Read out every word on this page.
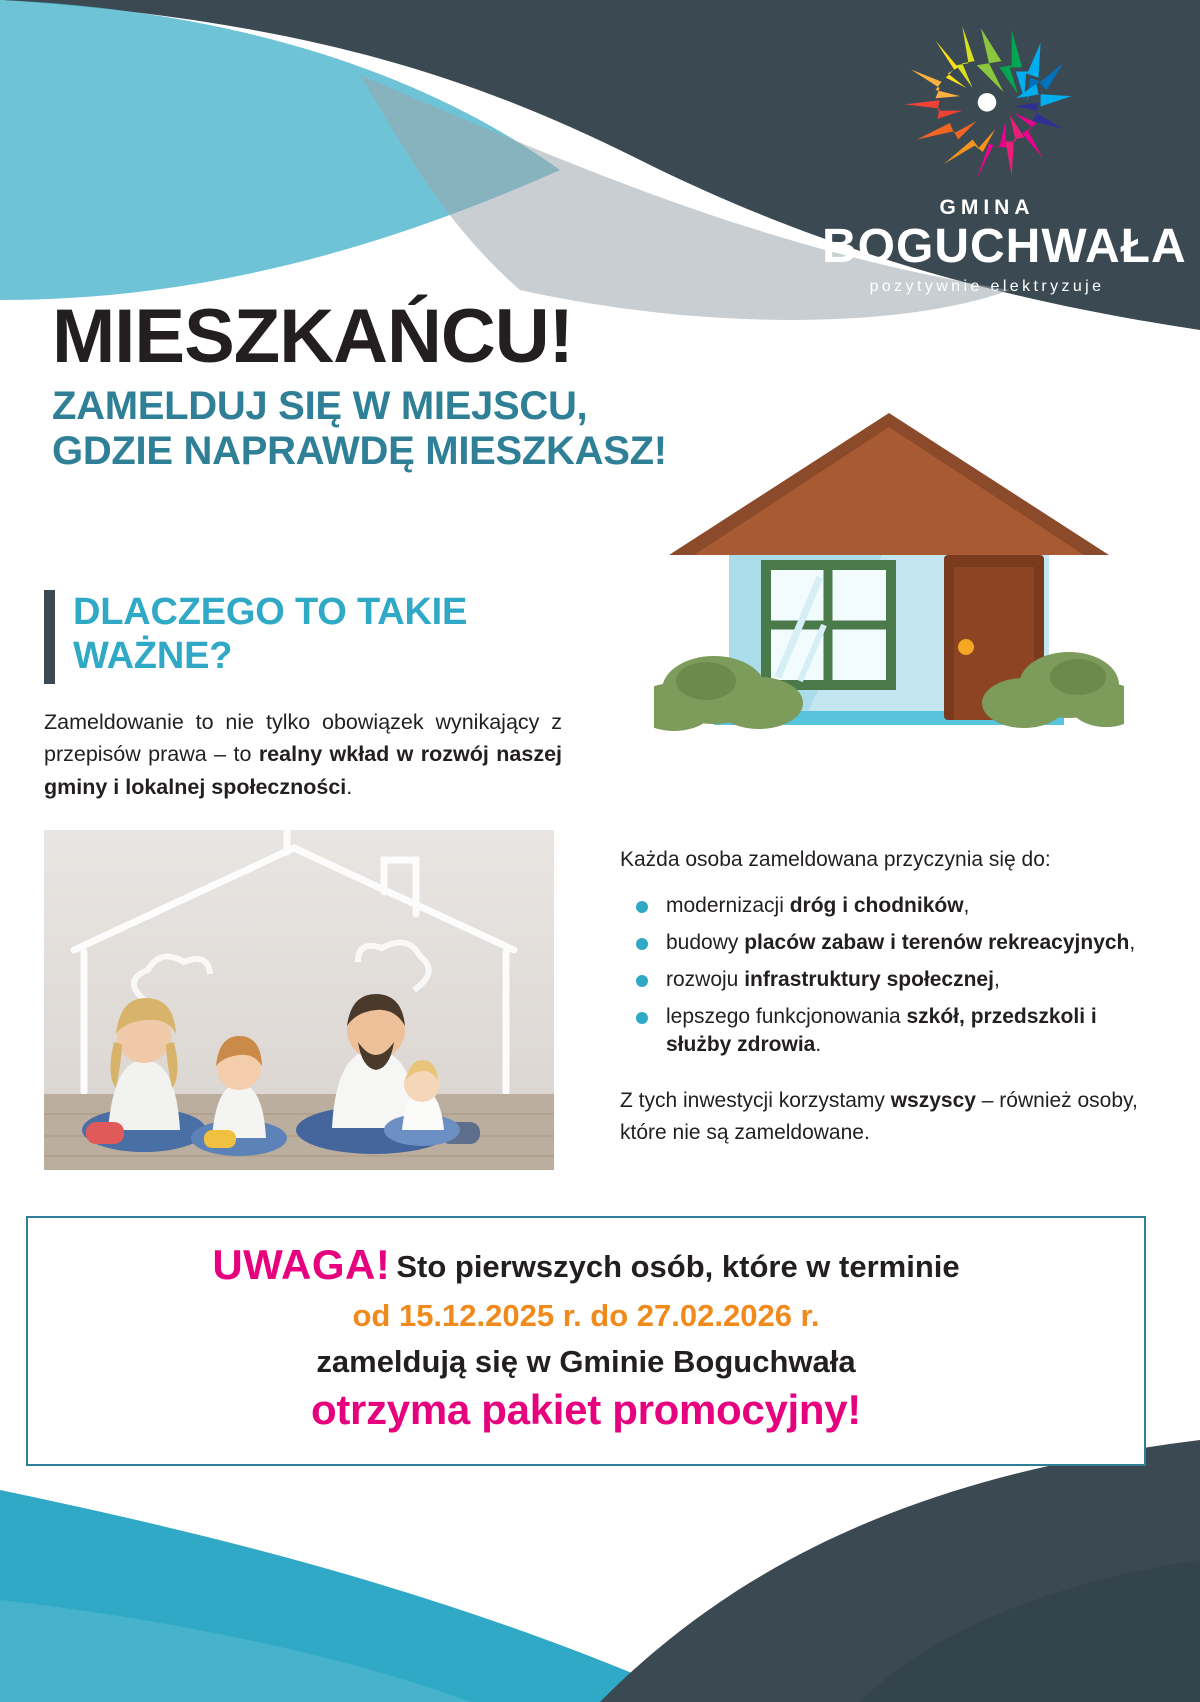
GMINA
BOGUCHWAŁA
pozytywnie elektryzuje
MIESZKAŃCU!
ZAMELDUJ SIĘ W MIEJSCU,
GDZIE NAPRAWDĘ MIESZKASZ!
DLACZEGO TO TAKIE
WAŻNE?

Zameldowanie to nie tylko obowiązek wynikający z przepisów prawa – to realny wkład w rozwój naszej gminy i lokalnej społeczności.

Każda osoba zameldowana przyczynia się do:
modernizacji dróg i chodników,
budowy placów zabaw i terenów rekreacyjnych,
rozwoju infrastruktury społecznej,
lepszego funkcjonowania szkół, przedszkoli i służby zdrowia.
Z tych inwestycji korzystamy wszyscy – również osoby, które nie są zameldowane.
UWAGA! Sto pierwszych osób, które w terminie
od 15.12.2025 r. do 27.02.2026 r.
zameldują się w Gminie Boguchwała
otrzyma pakiet promocyjny!
